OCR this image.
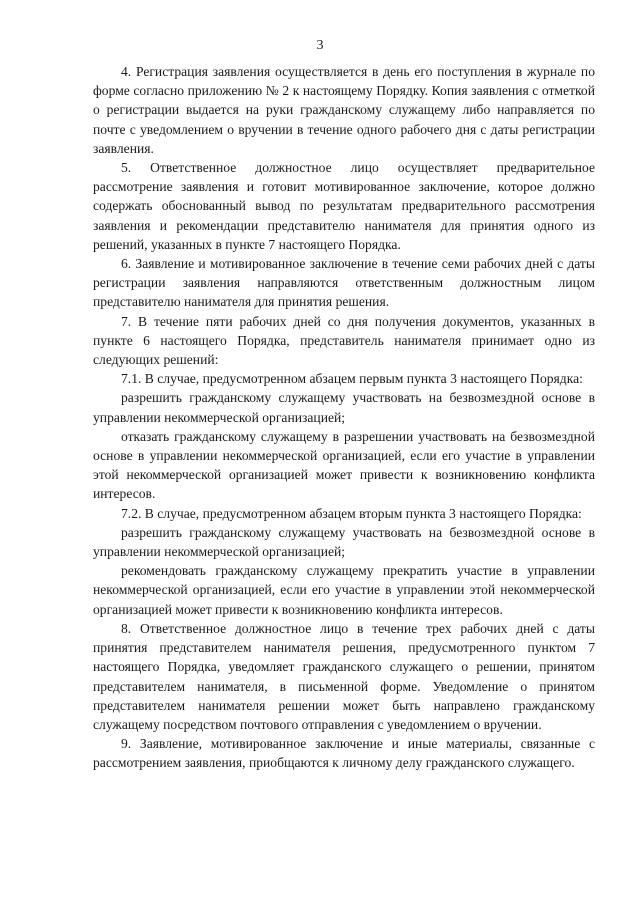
3

4. Регистрация заявления осуществляется в день его поступления в журнале по форме согласно приложению № 2 к настоящему Порядку. Копия заявления с отметкой о регистрации выдается на руки гражданскому служащему либо направляется по почте с уведомлением о вручении в течение одного рабочего дня с даты регистрации заявления.

5. Ответственное должностное лицо осуществляет предварительное рассмотрение заявления и готовит мотивированное заключение, которое должно содержать обоснованный вывод по результатам предварительного рассмотрения заявления и рекомендации представителю нанимателя для принятия одного из решений, указанных в пункте 7 настоящего Порядка.

6. Заявление и мотивированное заключение в течение семи рабочих дней с даты регистрации заявления направляются ответственным должностным лицом представителю нанимателя для принятия решения.

7. В течение пяти рабочих дней со дня получения документов, указанных в пункте 6 настоящего Порядка, представитель нанимателя принимает одно из следующих решений:

7.1. В случае, предусмотренном абзацем первым пункта 3 настоящего Порядка:

разрешить гражданскому служащему участвовать на безвозмездной основе в управлении некоммерческой организацией;

отказать гражданскому служащему в разрешении участвовать на безвозмездной основе в управлении некоммерческой организацией, если его участие в управлении этой некоммерческой организацией может привести к возникновению конфликта интересов.

7.2. В случае, предусмотренном абзацем вторым пункта 3 настоящего Порядка:

разрешить гражданскому служащему участвовать на безвозмездной основе в управлении некоммерческой организацией;

рекомендовать гражданскому служащему прекратить участие в управлении некоммерческой организацией, если его участие в управлении этой некоммерческой организацией может привести к возникновению конфликта интересов.

8. Ответственное должностное лицо в течение трех рабочих дней с даты принятия представителем нанимателя решения, предусмотренного пунктом 7 настоящего Порядка, уведомляет гражданского служащего о решении, принятом представителем нанимателя, в письменной форме. Уведомление о принятом представителем нанимателя решении может быть направлено гражданскому служащему посредством почтового отправления с уведомлением о вручении.

9. Заявление, мотивированное заключение и иные материалы, связанные с рассмотрением заявления, приобщаются к личному делу гражданского служащего.
